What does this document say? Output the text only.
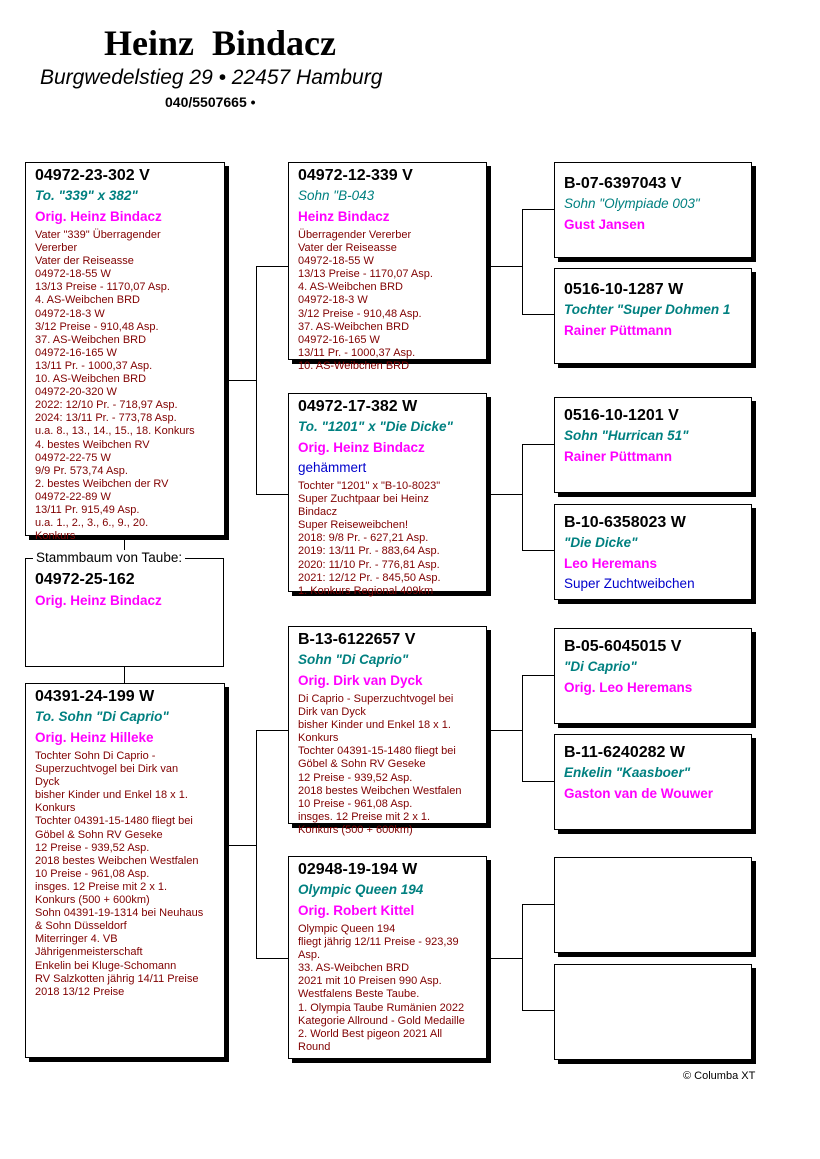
Heinz  Bindacz
Burgwedelstieg 29 • 22457 Hamburg
040/5507665 •
04972-23-302 V
To. "339" x 382"
Orig. Heinz Bindacz
Vater "339" Überragender
Vererber
Vater der Reiseasse
04972-18-55 W
13/13 Preise - 1170,07 Asp.
4. AS-Weibchen BRD
04972-18-3 W
3/12 Preise - 910,48 Asp.
37. AS-Weibchen BRD
04972-16-165 W
13/11 Pr. - 1000,37 Asp.
10. AS-Weibchen BRD
04972-20-320 W
2022: 12/10 Pr. - 718,97 Asp.
2024: 13/11 Pr. - 773,78 Asp.
u.a. 8., 13., 14., 15., 18. Konkurs
4. bestes Weibchen RV
04972-22-75 W
9/9 Pr. 573,74 Asp.
2. bestes Weibchen der RV
04972-22-89 W
13/11 Pr. 915,49 Asp.
u.a. 1., 2., 3., 6., 9., 20.
Konkurs
04972-25-162
Orig. Heinz Bindacz
Stammbaum von Taube:
04391-24-199 W
To. Sohn "Di Caprio"
Orig. Heinz Hilleke
Tochter Sohn Di Caprio -
Superzuchtvogel bei Dirk van
Dyck
bisher Kinder und Enkel 18 x 1.
Konkurs
Tochter 04391-15-1480 fliegt bei
Göbel & Sohn RV Geseke
12 Preise - 939,52 Asp.
2018 bestes Weibchen Westfalen
10 Preise - 961,08 Asp.
insges. 12 Preise mit 2 x 1.
Konkurs (500 + 600km)
Sohn 04391-19-1314 bei Neuhaus
& Sohn Düsseldorf
Miterringer 4. VB
Jährigenmeisterschaft
Enkelin bei Kluge-Schomann
RV Salzkotten jährig 14/11 Preise
2018 13/12 Preise
04972-12-339 V
Sohn "B-043
Heinz Bindacz
Überragender Vererber
Vater der Reiseasse
04972-18-55 W
13/13 Preise - 1170,07 Asp.
4. AS-Weibchen BRD
04972-18-3 W
3/12 Preise - 910,48 Asp.
37. AS-Weibchen BRD
04972-16-165 W
13/11 Pr. - 1000,37 Asp.
10. AS-Weibchen BRD
04972-17-382 W
To. "1201" x "Die Dicke"
Orig. Heinz Bindacz
gehämmert
Tochter "1201" x "B-10-8023"
Super Zuchtpaar bei Heinz
Bindacz
Super Reiseweibchen!
2018: 9/8 Pr. - 627,21 Asp.
2019: 13/11 Pr. - 883,64 Asp.
2020: 11/10 Pr. - 776,81 Asp.
2021: 12/12 Pr. - 845,50 Asp.
1. Konkurs Regional 409km
B-13-6122657 V
Sohn "Di Caprio"
Orig. Dirk van Dyck
Di Caprio - Superzuchtvogel bei
Dirk van Dyck
bisher Kinder und Enkel 18 x 1.
Konkurs
Tochter 04391-15-1480 fliegt bei
Göbel & Sohn RV Geseke
12 Preise - 939,52 Asp.
2018 bestes Weibchen Westfalen
10 Preise - 961,08 Asp.
insges. 12 Preise mit 2 x 1.
Konkurs (500 + 600km)
02948-19-194 W
Olympic Queen 194
Orig. Robert Kittel
Olympic Queen 194
fliegt jährig 12/11 Preise - 923,39
Asp.
33. AS-Weibchen BRD
2021 mit 10 Preisen 990 Asp.
Westfalens Beste Taube.
1. Olympia Taube Rumänien 2022
Kategorie Allround - Gold Medaille
2. World Best pigeon 2021 All
Round
B-07-6397043 V
Sohn "Olympiade 003"
Gust Jansen
0516-10-1287 W
Tochter "Super Dohmen 1
Rainer Püttmann
0516-10-1201 V
Sohn "Hurrican 51"
Rainer Püttmann
B-10-6358023 W
"Die Dicke"
Leo Heremans
Super Zuchtweibchen
B-05-6045015 V
"Di Caprio"
Orig. Leo Heremans
B-11-6240282 W
Enkelin "Kaasboer"
Gaston van de Wouwer
© Columba XT
